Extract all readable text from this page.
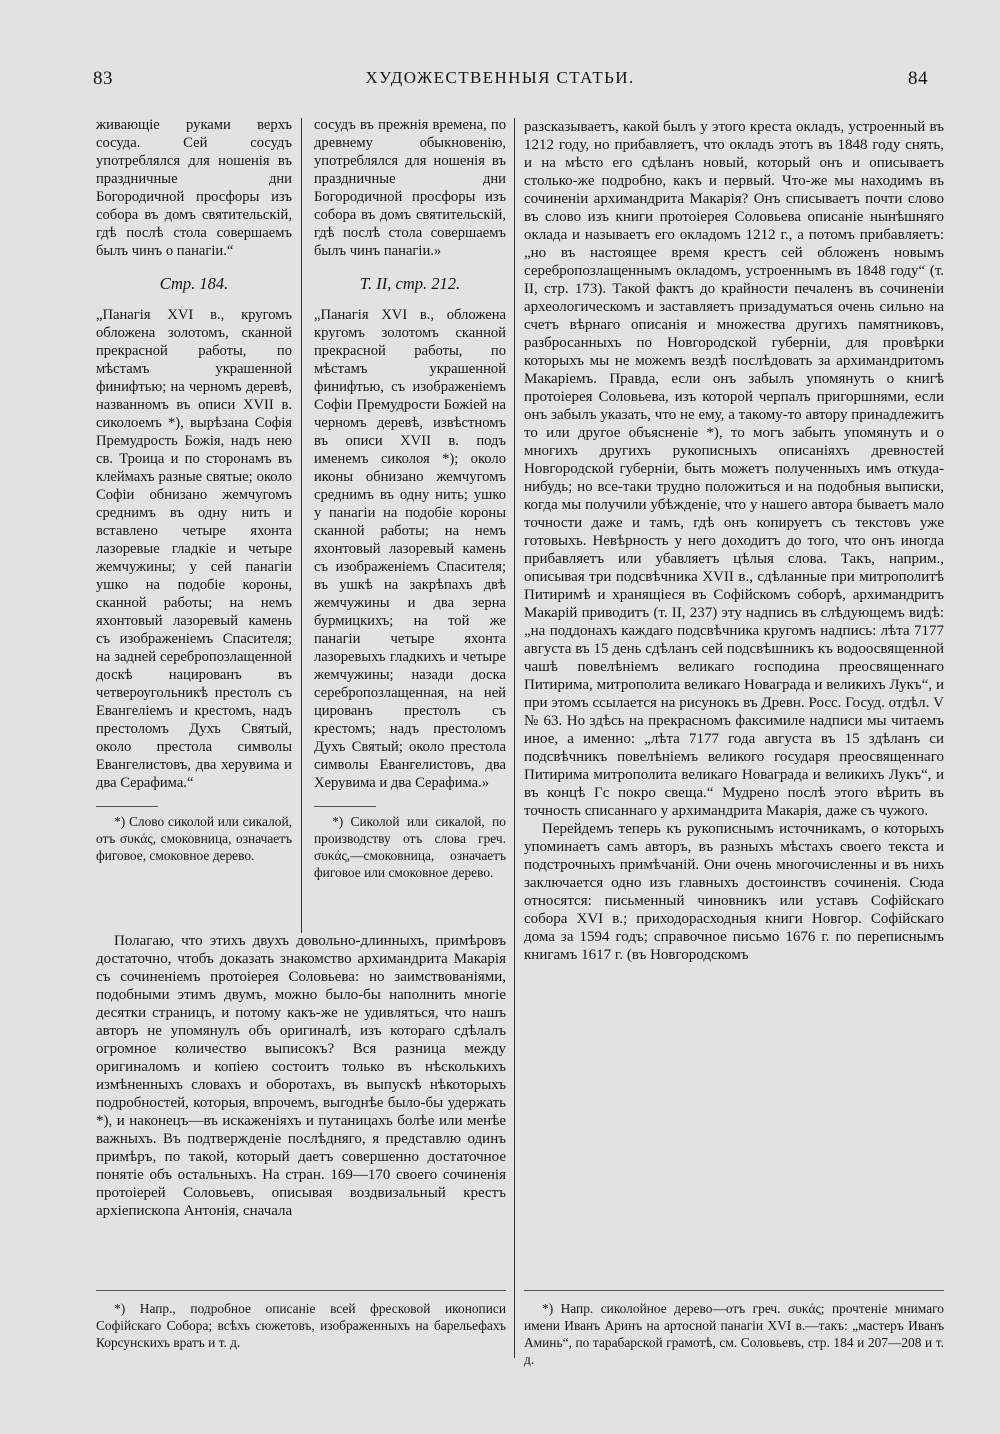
83	ХУДОЖЕСТВЕННЫЯ СТАТЬИ.	84

живающіе руками верхъ сосуда. Сей сосудъ употреблялся для ношенія въ праздничные дни Богородичной просфоры изъ собора въ домъ святительскій, гдѣ послѣ стола совершаемъ былъ чинъ о панагіи.“

Стр. 184.

„Панагія XVI в., кругомъ обложена золотомъ, сканной прекрасной работы, по мѣстамъ украшенной финифтью; на черномъ деревѣ, названномъ въ описи XVII в. сиколоемъ *), вырѣзана Софія Премудрость Божія, надъ нею св. Троица и по сторонамъ въ клеймахъ разные святые; около Софіи обнизано жемчугомъ среднимъ въ одну нить и вставлено четыре яхонта лазоревые гладкіе и четыре жемчужины; у сей панагіи ушко на подобіе короны, сканной работы; на немъ яхонтовый лазоревый камень съ изображеніемъ Спасителя; на задней серебропозлащенной доскѣ нацированъ въ четвероугольникѣ престолъ съ Евангеліемъ и крестомъ, надъ престоломъ Духъ Святый, около престола символы Евангелистовъ, два херувима и два Серафима.“

*) Слово сиколой или сикалой, отъ συκάς, смоковница, означаетъ фиговое, смоковное дерево.

сосудъ въ прежнія времена, по древнему обыкновенію, употреблялся для ношенія въ праздничные дни Богородичной просфоры изъ собора въ домъ святительскій, гдѣ послѣ стола совершаемъ былъ чинъ панагіи.»

Т. II, стр. 212.

„Панагія XVI в., обложена кругомъ золотомъ сканной прекрасной работы, по мѣстамъ украшенной финифтью, съ изображеніемъ Софіи Премудрости Божіей на черномъ деревѣ, извѣстномъ въ описи XVII в. подъ именемъ сиколоя *); около иконы обнизано жемчугомъ среднимъ въ одну нить; ушко у панагіи на подобіе короны сканной работы; на немъ яхонтовый лазоревый камень съ изображеніемъ Спасителя; въ ушкѣ на закрѣпахъ двѣ жемчужины и два зерна бурмицкихъ; на той же панагіи четыре яхонта лазоревыхъ гладкихъ и четыре жемчужины; назади доска серебропозлащенная, на ней цированъ престолъ съ крестомъ; надъ престоломъ Духъ Святый; около престола символы Евангелистовъ, два Херувима и два Серафима.»

*) Сиколой или сикалой, по производству отъ слова греч. συκάς,—смоковница, означаетъ фиговое или смоковное дерево.

Полагаю, что этихъ двухъ довольно-длинныхъ, примѣровъ достаточно, чтобъ доказать знакомство архимандрита Макарія съ сочиненіемъ протоіерея Соловьева: но заимствованіями, подобными этимъ двумъ, можно было-бы наполнить многіе десятки страницъ, и потому какъ-же не удивляться, что нашъ авторъ не упомянулъ объ оригиналѣ, изъ котораго сдѣлалъ огромное количество выписокъ? Вся разница между оригиналомъ и копіею состоитъ только въ нѣсколькихъ измѣненныхъ словахъ и оборотахъ, въ выпускѣ нѣкоторыхъ подробностей, которыя, впрочемъ, выгоднѣе было-бы удержать *), и наконецъ—въ искаженіяхъ и путаницахъ болѣе или менѣе важныхъ. Въ подтвержденіе послѣдняго, я представлю одинъ примѣръ, по такой, который даетъ совершенно достаточное понятіе объ остальныхъ. На стран. 169—170 своего сочиненія протоіерей Соловьевъ, описывая воздвизальный крестъ архіепископа Антонія, сначала

*) Напр., подробное описаніе всей фресковой иконописи Софійскаго Собора; всѣхъ сюжетовъ, изображенныхъ на барельефахъ Корсунскихъ вратъ и т. д.

разсказываетъ, какой былъ у этого креста окладъ, устроенный въ 1212 году, но прибавляетъ, что окладъ этотъ въ 1848 году снять, и на мѣсто его сдѣланъ новый, который онъ и описываетъ столько-же подробно, какъ и первый. Что-же мы находимъ въ сочиненіи архимандрита Макарія? Онъ списываетъ почти слово въ слово изъ книги протоіерея Соловьева описаніе нынѣшняго оклада и называетъ его окладомъ 1212 г., а потомъ прибавляетъ: „но въ настоящее время крестъ сей обложенъ новымъ серебропозлащеннымъ окладомъ, устроеннымъ въ 1848 году“ (т. II, стр. 173). Такой фактъ до крайности печаленъ въ сочиненіи археологическомъ и заставляетъ призадуматься очень сильно на счетъ вѣрнаго описанія и множества другихъ памятниковъ, разбросанныхъ по Новгородской губерніи, для провѣрки которыхъ мы не можемъ вездѣ послѣдовать за архимандритомъ Макаріемъ. Правда, если онъ забылъ упомянуть о книгѣ протоіерея Соловьева, изъ которой черпалъ пригоршнями, если онъ забылъ указать, что не ему, а такому-то автору принадлежитъ то или другое объясненіе *), то могъ забыть упомянуть и о многихъ другихъ рукописныхъ описаніяхъ древностей Новгородской губерніи, быть можетъ полученныхъ имъ откуда-нибудь; но все-таки трудно положиться и на подобныя выписки, когда мы получили убѣжденіе, что у нашего автора бываетъ мало точности даже и тамъ, гдѣ онъ копируетъ съ текстовъ уже готовыхъ. Невѣрность у него доходитъ до того, что онъ иногда прибавляетъ или убавляетъ цѣлыя слова. Такъ, наприм., описывая три подсвѣчника XVII в., сдѣланные при митрополитѣ Питиримѣ и хранящіеся въ Софійскомъ соборѣ, архимандритъ Макарій приводитъ (т. II, 237) эту надпись въ слѣдующемъ видѣ: „на поддонахъ каждаго подсвѣчника кругомъ надпись: лѣта 7177 августа въ 15 день сдѣланъ сей подсвѣшникъ къ водоосвященной чашѣ повелѣніемъ великаго господина преосвященнаго Питирима, митрополита великаго Новаграда и великихъ Лукъ“, и при этомъ ссылается на рисунокъ въ Древн. Росс. Госуд. отдѣл. V № 63. Но здѣсь на прекрасномъ факсимиле надписи мы читаемъ иное, а именно: „лѣта 7177 года августа въ 15 здѣланъ си подсвѣчникъ повелѣніемъ великого государя преосвященнаго Питирима митрополита великаго Новаграда и великихъ Лукъ“, и въ концѣ Гс покро свеща.“ Мудрено послѣ этого вѣрить въ точность списаннаго у архимандрита Макарія, даже съ чужого.

Перейдемъ теперь къ рукописнымъ источникамъ, о которыхъ упоминаетъ самъ авторъ, въ разныхъ мѣстахъ своего текста и подстрочныхъ примѣчаній. Они очень многочисленны и въ нихъ заключается одно изъ главныхъ достоинствъ сочиненія. Сюда относятся: письменный чиновникъ или уставъ Софійскаго собора XVI в.; приходорасходныя книги Новгор. Софійскаго дома за 1594 годъ; справочное письмо 1676 г. по переписнымъ книгамъ 1617 г. (въ Новгородскомъ

*) Напр. сиколойное дерево—отъ греч. συκάς; прочтеніе мнимаго имени Иванъ Аринъ на артосной панагіи XVI в.—такъ: „мастеръ Иванъ Аминь“, по тарабарской грамотѣ, см. Соловьевъ, стр. 184 и 207—208 и т. д.
